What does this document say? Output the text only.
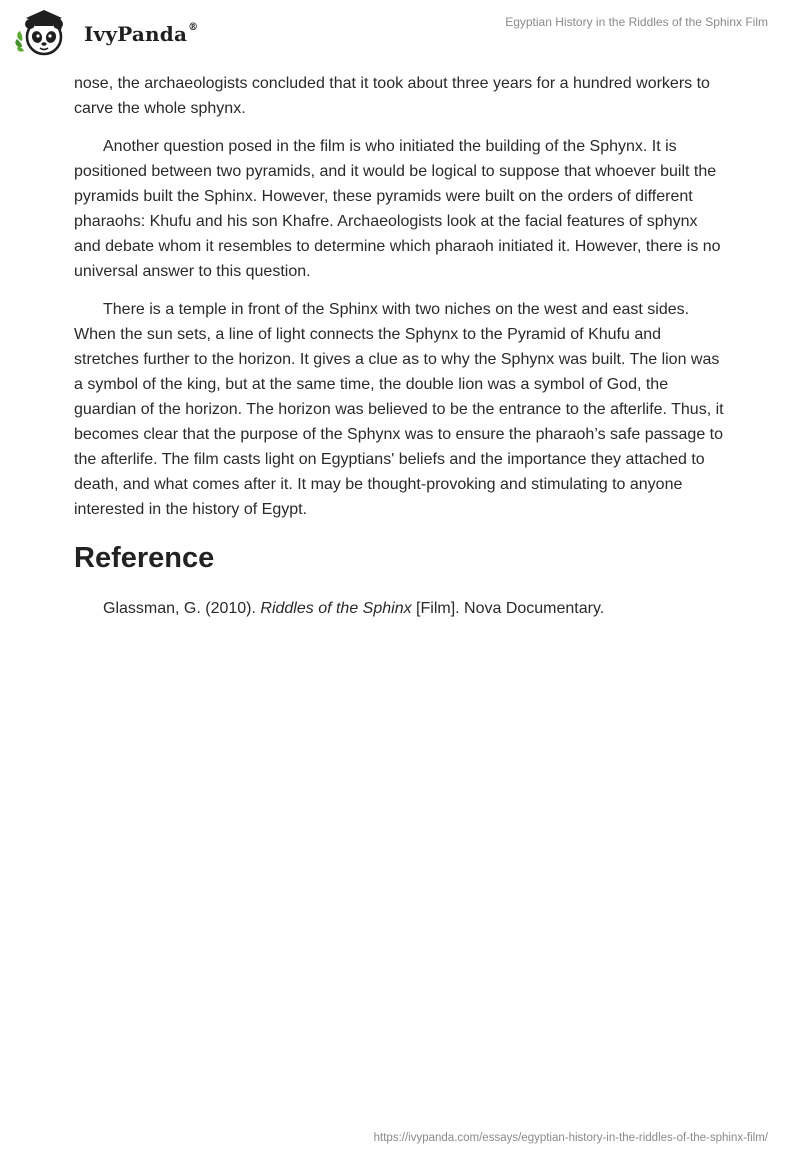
IvyPanda®	Egyptian History in the Riddles of the Sphinx Film

nose, the archaeologists concluded that it took about three years for a hundred workers to carve the whole sphynx.

Another question posed in the film is who initiated the building of the Sphynx. It is positioned between two pyramids, and it would be logical to suppose that whoever built the pyramids built the Sphinx. However, these pyramids were built on the orders of different pharaohs: Khufu and his son Khafre. Archaeologists look at the facial features of sphynx and debate whom it resembles to determine which pharaoh initiated it. However, there is no universal answer to this question.

There is a temple in front of the Sphinx with two niches on the west and east sides. When the sun sets, a line of light connects the Sphynx to the Pyramid of Khufu and stretches further to the horizon. It gives a clue as to why the Sphynx was built. The lion was a symbol of the king, but at the same time, the double lion was a symbol of God, the guardian of the horizon. The horizon was believed to be the entrance to the afterlife. Thus, it becomes clear that the purpose of the Sphynx was to ensure the pharaoh’s safe passage to the afterlife. The film casts light on Egyptians' beliefs and the importance they attached to death, and what comes after it. It may be thought-provoking and stimulating to anyone interested in the history of Egypt.

Reference
Glassman, G. (2010). Riddles of the Sphinx [Film]. Nova Documentary.
https://ivypanda.com/essays/egyptian-history-in-the-riddles-of-the-sphinx-film/
